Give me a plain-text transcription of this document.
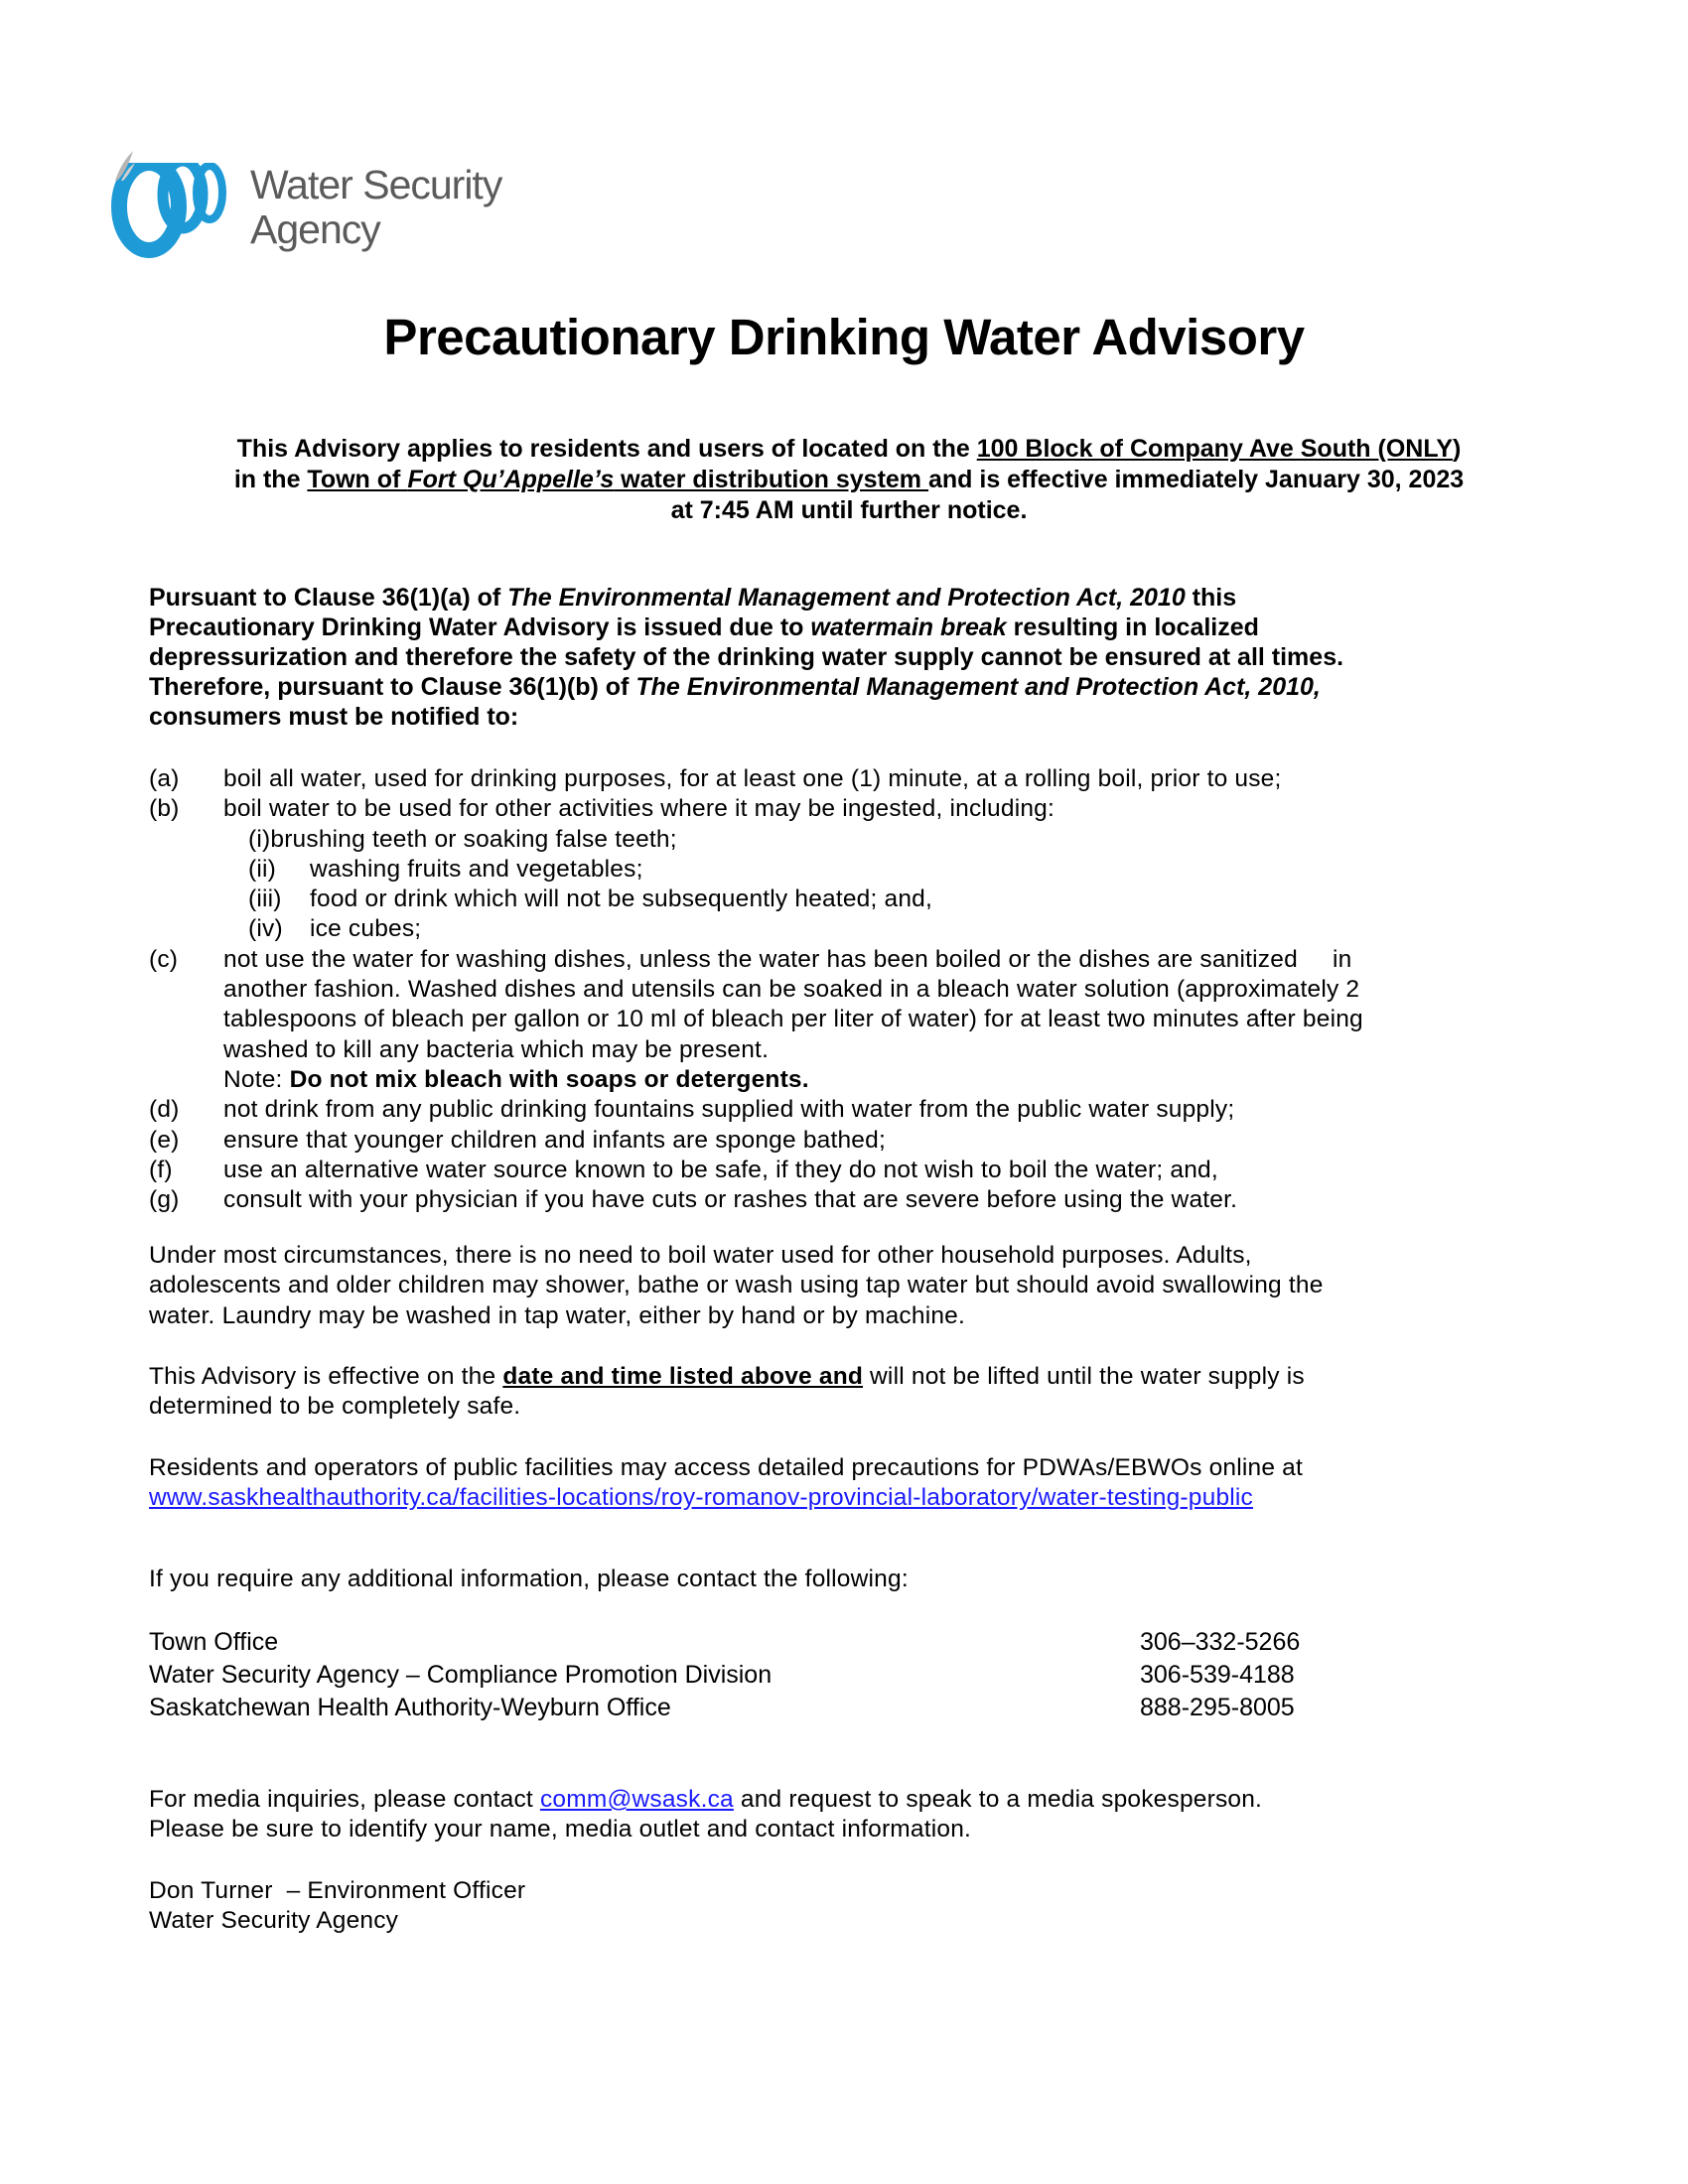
Water Security
Agency
Precautionary Drinking Water Advisory
This Advisory applies to residents and users of located on the 100 Block of Company Ave South (ONLY)
in the Town of Fort Qu’Appelle’s water distribution system and is effective immediately January 30, 2023
at 7:45 AM until further notice.

Pursuant to Clause 36(1)(a) of The Environmental Management and Protection Act, 2010 this

Precautionary Drinking Water Advisory is issued due to watermain break resulting in localized

depressurization and therefore the safety of the drinking water supply cannot be ensured at all times.

Therefore, pursuant to Clause 36(1)(b) of The Environmental Management and Protection Act, 2010,

consumers must be notified to:

(a) boil all water, used for drinking purposes, for at least one (1) minute, at a rolling boil, prior to use;
(b) boil water to be used for other activities where it may be ingested, including:
(i)brushing teeth or soaking false teeth;
(ii) washing fruits and vegetables;
(iii) food or drink which will not be subsequently heated; and,
(iv) ice cubes;
(c) not use the water for washing dishes, unless the water has been boiled or the dishes are sanitized     in
another fashion. Washed dishes and utensils can be soaked in a bleach water solution (approximately 2
tablespoons of bleach per gallon or 10 ml of bleach per liter of water) for at least two minutes after being
washed to kill any bacteria which may be present.
Note: Do not mix bleach with soaps or detergents.
(d) not drink from any public drinking fountains supplied with water from the public water supply;
(e) ensure that younger children and infants are sponge bathed;
(f) use an alternative water source known to be safe, if they do not wish to boil the water; and,
(g) consult with your physician if you have cuts or rashes that are severe before using the water.
Under most circumstances, there is no need to boil water used for other household purposes. Adults,
adolescents and older children may shower, bathe or wash using tap water but should avoid swallowing the
water. Laundry may be washed in tap water, either by hand or by machine.
This Advisory is effective on the date and time listed above and will not be lifted until the water supply is
determined to be completely safe.
Residents and operators of public facilities may access detailed precautions for PDWAs/EBWOs online at
www.saskhealthauthority.ca/facilities-locations/roy-romanov-provincial-laboratory/water-testing-public
If you require any additional information, please contact the following:
Town Office	306–332-5266
Water Security Agency – Compliance Promotion Division	306-539-4188
Saskatchewan Health Authority-Weyburn Office	888-295-8005
For media inquiries, please contact comm@wsask.ca and request to speak to a media spokesperson.
Please be sure to identify your name, media outlet and contact information.
Don Turner  – Environment Officer
Water Security Agency
